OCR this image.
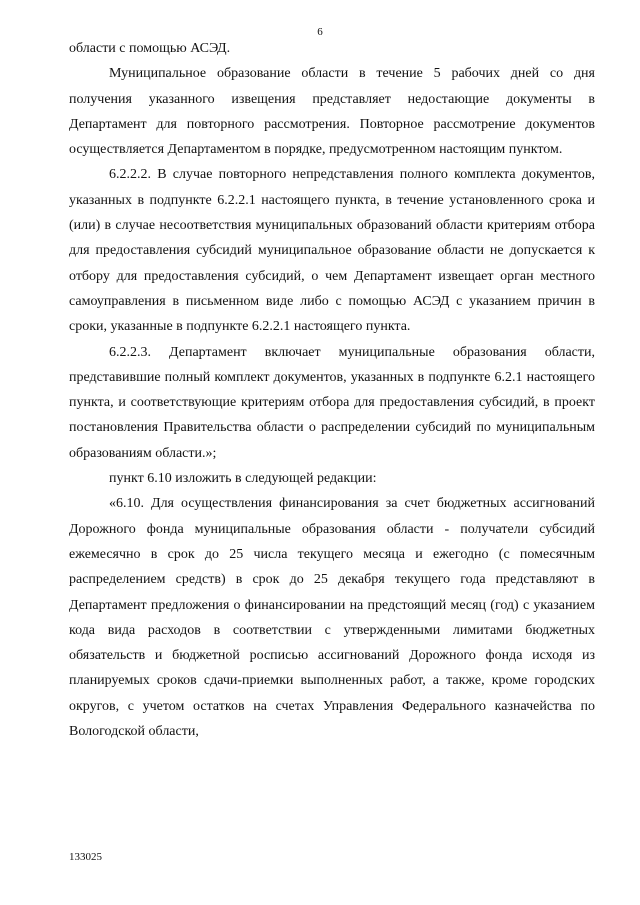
6

области с помощью АСЭД.

Муниципальное образование области в течение 5 рабочих дней со дня получения указанного извещения представляет недостающие документы в Департамент для повторного рассмотрения. Повторное рассмотрение документов осуществляется Департаментом в порядке, предусмотренном настоящим пунктом.

6.2.2.2. В случае повторного непредставления полного комплекта документов, указанных в подпункте 6.2.2.1 настоящего пункта, в течение установленного срока и (или) в случае несоответствия муниципальных образований области критериям отбора для предоставления субсидий муниципальное образование области не допускается к отбору для предоставления субсидий, о чем Департамент извещает орган местного самоуправления в письменном виде либо с помощью АСЭД с указанием причин в сроки, указанные в подпункте 6.2.2.1 настоящего пункта.

6.2.2.3. Департамент включает муниципальные образования области, представившие полный комплект документов, указанных в подпункте 6.2.1 настоящего пункта, и соответствующие критериям отбора для предоставления субсидий, в проект постановления Правительства области о распределении субсидий по муниципальным образованиям области.»;

пункт 6.10 изложить в следующей редакции:

«6.10. Для осуществления финансирования за счет бюджетных ассигнований Дорожного фонда муниципальные образования области - получатели субсидий ежемесячно в срок до 25 числа текущего месяца и ежегодно (с помесячным распределением средств) в срок до 25 декабря текущего года представляют в Департамент предложения о финансировании на предстоящий месяц (год) с указанием кода вида расходов в соответствии с утвержденными лимитами бюджетных обязательств и бюджетной росписью ассигнований Дорожного фонда исходя из планируемых сроков сдачи-приемки выполненных работ, а также, кроме городских округов, с учетом остатков на счетах Управления Федерального казначейства по Вологодской области,

133025
